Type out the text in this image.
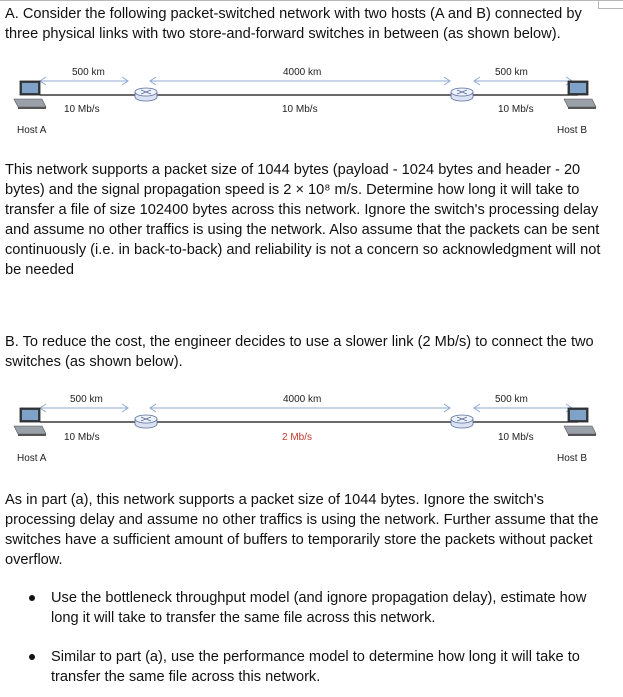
A. Consider the following packet-switched network with two hosts (A and B) connected by three physical links with two store-and-forward switches in between (as shown below).

500 km	4000 km	500 km
10 Mb/s	10 Mb/s	10 Mb/s
Host A	Host B

This network supports a packet size of 1044 bytes (payload - 1024 bytes and header - 20 bytes) and the signal propagation speed is 2 × 10⁸ m/s. Determine how long it will take to transfer a file of size 102400 bytes across this network. Ignore the switch's processing delay and assume no other traffics is using the network. Also assume that the packets can be sent continuously (i.e. in back-to-back) and reliability is not a concern so acknowledgment will not be needed

B. To reduce the cost, the engineer decides to use a slower link (2 Mb/s) to connect the two switches (as shown below).

500 km	4000 km	500 km
10 Mb/s	2 Mb/s	10 Mb/s
Host A	Host B

As in part (a), this network supports a packet size of 1044 bytes. Ignore the switch's processing delay and assume no other traffics is using the network. Further assume that the switches have a sufficient amount of buffers to temporarily store the packets without packet overflow.

Use the bottleneck throughput model (and ignore propagation delay), estimate how long it will take to transfer the same file across this network.
Similar to part (a), use the performance model to determine how long it will take to transfer the same file across this network.
